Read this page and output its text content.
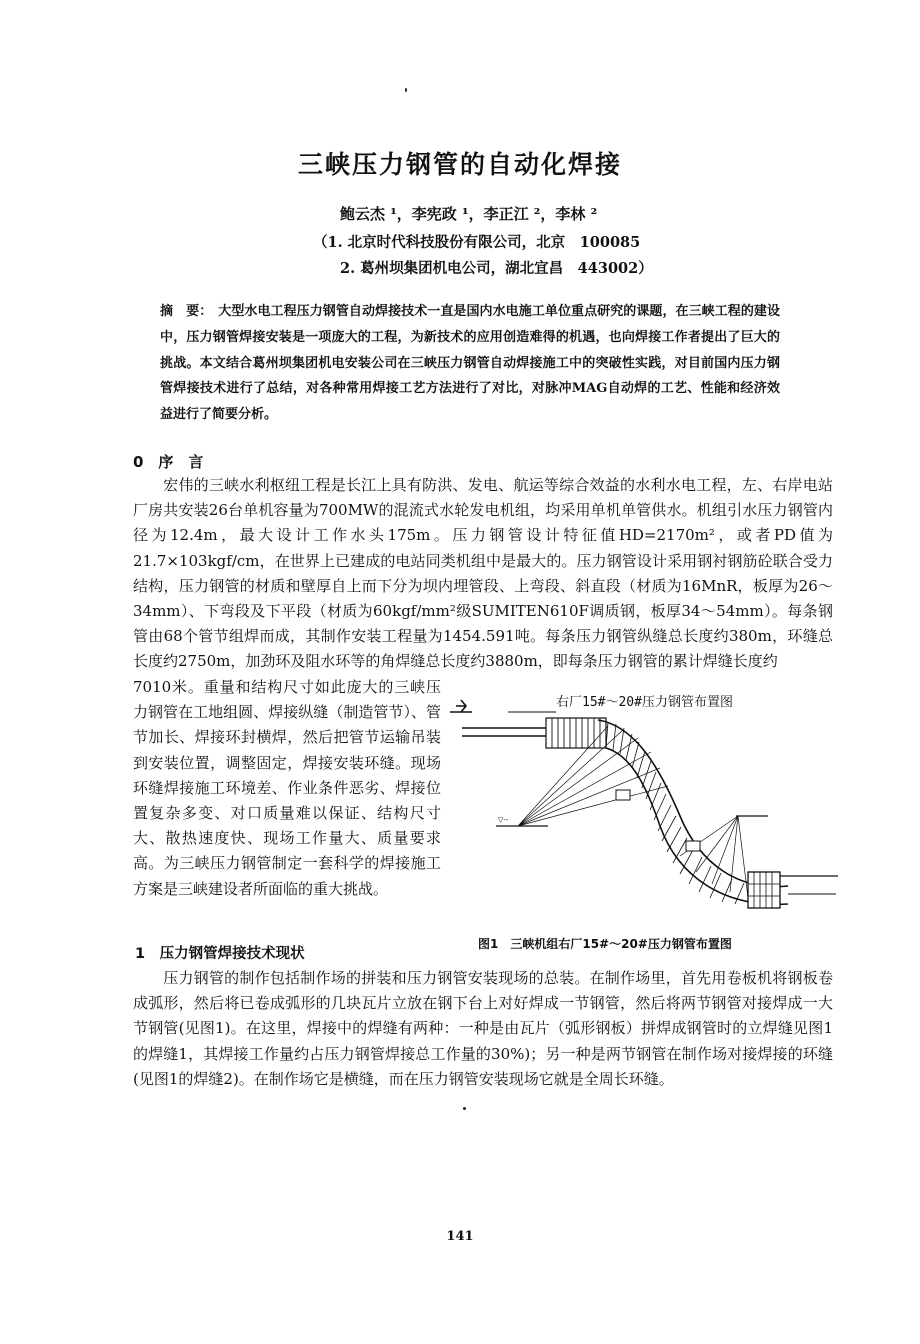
三峡压力钢管的自动化焊接
鲍云杰 ¹，李宪政 ¹，李正江 ²，李林 ²
（1. 北京时代科技股份有限公司，北京　100085
2. 葛州坝集团机电公司，湖北宜昌　443002）
摘　要： 大型水电工程压力钢管自动焊接技术一直是国内水电施工单位重点研究的课题，在三峡工程的建设中，压力钢管焊接安装是一项庞大的工程，为新技术的应用创造难得的机遇，也向焊接工作者提出了巨大的挑战。本文结合葛州坝集团机电安装公司在三峡压力钢管自动焊接施工中的突破性实践，对目前国内压力钢管焊接技术进行了总结，对各种常用焊接工艺方法进行了对比，对脉冲MAG自动焊的工艺、性能和经济效益进行了简要分析。
0　序　言
宏伟的三峡水利枢纽工程是长江上具有防洪、发电、航运等综合效益的水利水电工程，左、右岸电站厂房共安装26台单机容量为700MW的混流式水轮发电机组，均采用单机单管供水。机组引水压力钢管内径为12.4m，最大设计工作水头175m。压力钢管设计特征值HD=2170m²，或者PD值为21.7×103kgf/cm，在世界上已建成的电站同类机组中是最大的。压力钢管设计采用钢衬钢筋砼联合受力结构，压力钢管的材质和壁厚自上而下分为坝内埋管段、上弯段、斜直段（材质为16MnR，板厚为26～34mm）、下弯段及下平段（材质为60kgf/mm²级SUMITEN610F调质钢，板厚34～54mm）。每条钢管由68个管节组焊而成，其制作安装工程量为1454.591吨。每条压力钢管纵缝总长度约380m，环缝总长度约2750m，加劲环及阻水环等的角焊缝总长度约3880m，即每条压力钢管的累计焊缝长度约
7010米。重量和结构尺寸如此庞大的三峡压力钢管在工地组圆、焊接纵缝（制造管节）、管节加长、焊接环封横焊，然后把管节运输吊装到安装位置，调整固定，焊接安装环缝。现场环缝焊接施工环境差、作业条件恶劣、焊接位置复杂多变、对口质量难以保证、结构尺寸大、散热速度快、现场工作量大、质量要求高。为三峡压力钢管制定一套科学的焊接施工方案是三峡建设者所面临的重大挑战。
右厂15#～20#压力钢管布置图
▽--
图1　三峡机组右厂15#～20#压力钢管布置图
1　压力钢管焊接技术现状
压力钢管的制作包括制作场的拼装和压力钢管安装现场的总装。在制作场里，首先用卷板机将钢板卷成弧形，然后将已卷成弧形的几块瓦片立放在钢下台上对好焊成一节钢管，然后将两节钢管对接焊成一大节钢管(见图1)。在这里，焊接中的焊缝有两种：一种是由瓦片（弧形钢板）拼焊成钢管时的立焊缝见图1的焊缝1，其焊接工作量约占压力钢管焊接总工作量的30%)；另一种是两节钢管在制作场对接焊接的环缝(见图1的焊缝2)。在制作场它是横缝，而在压力钢管安装现场它就是全周长环缝。
141
